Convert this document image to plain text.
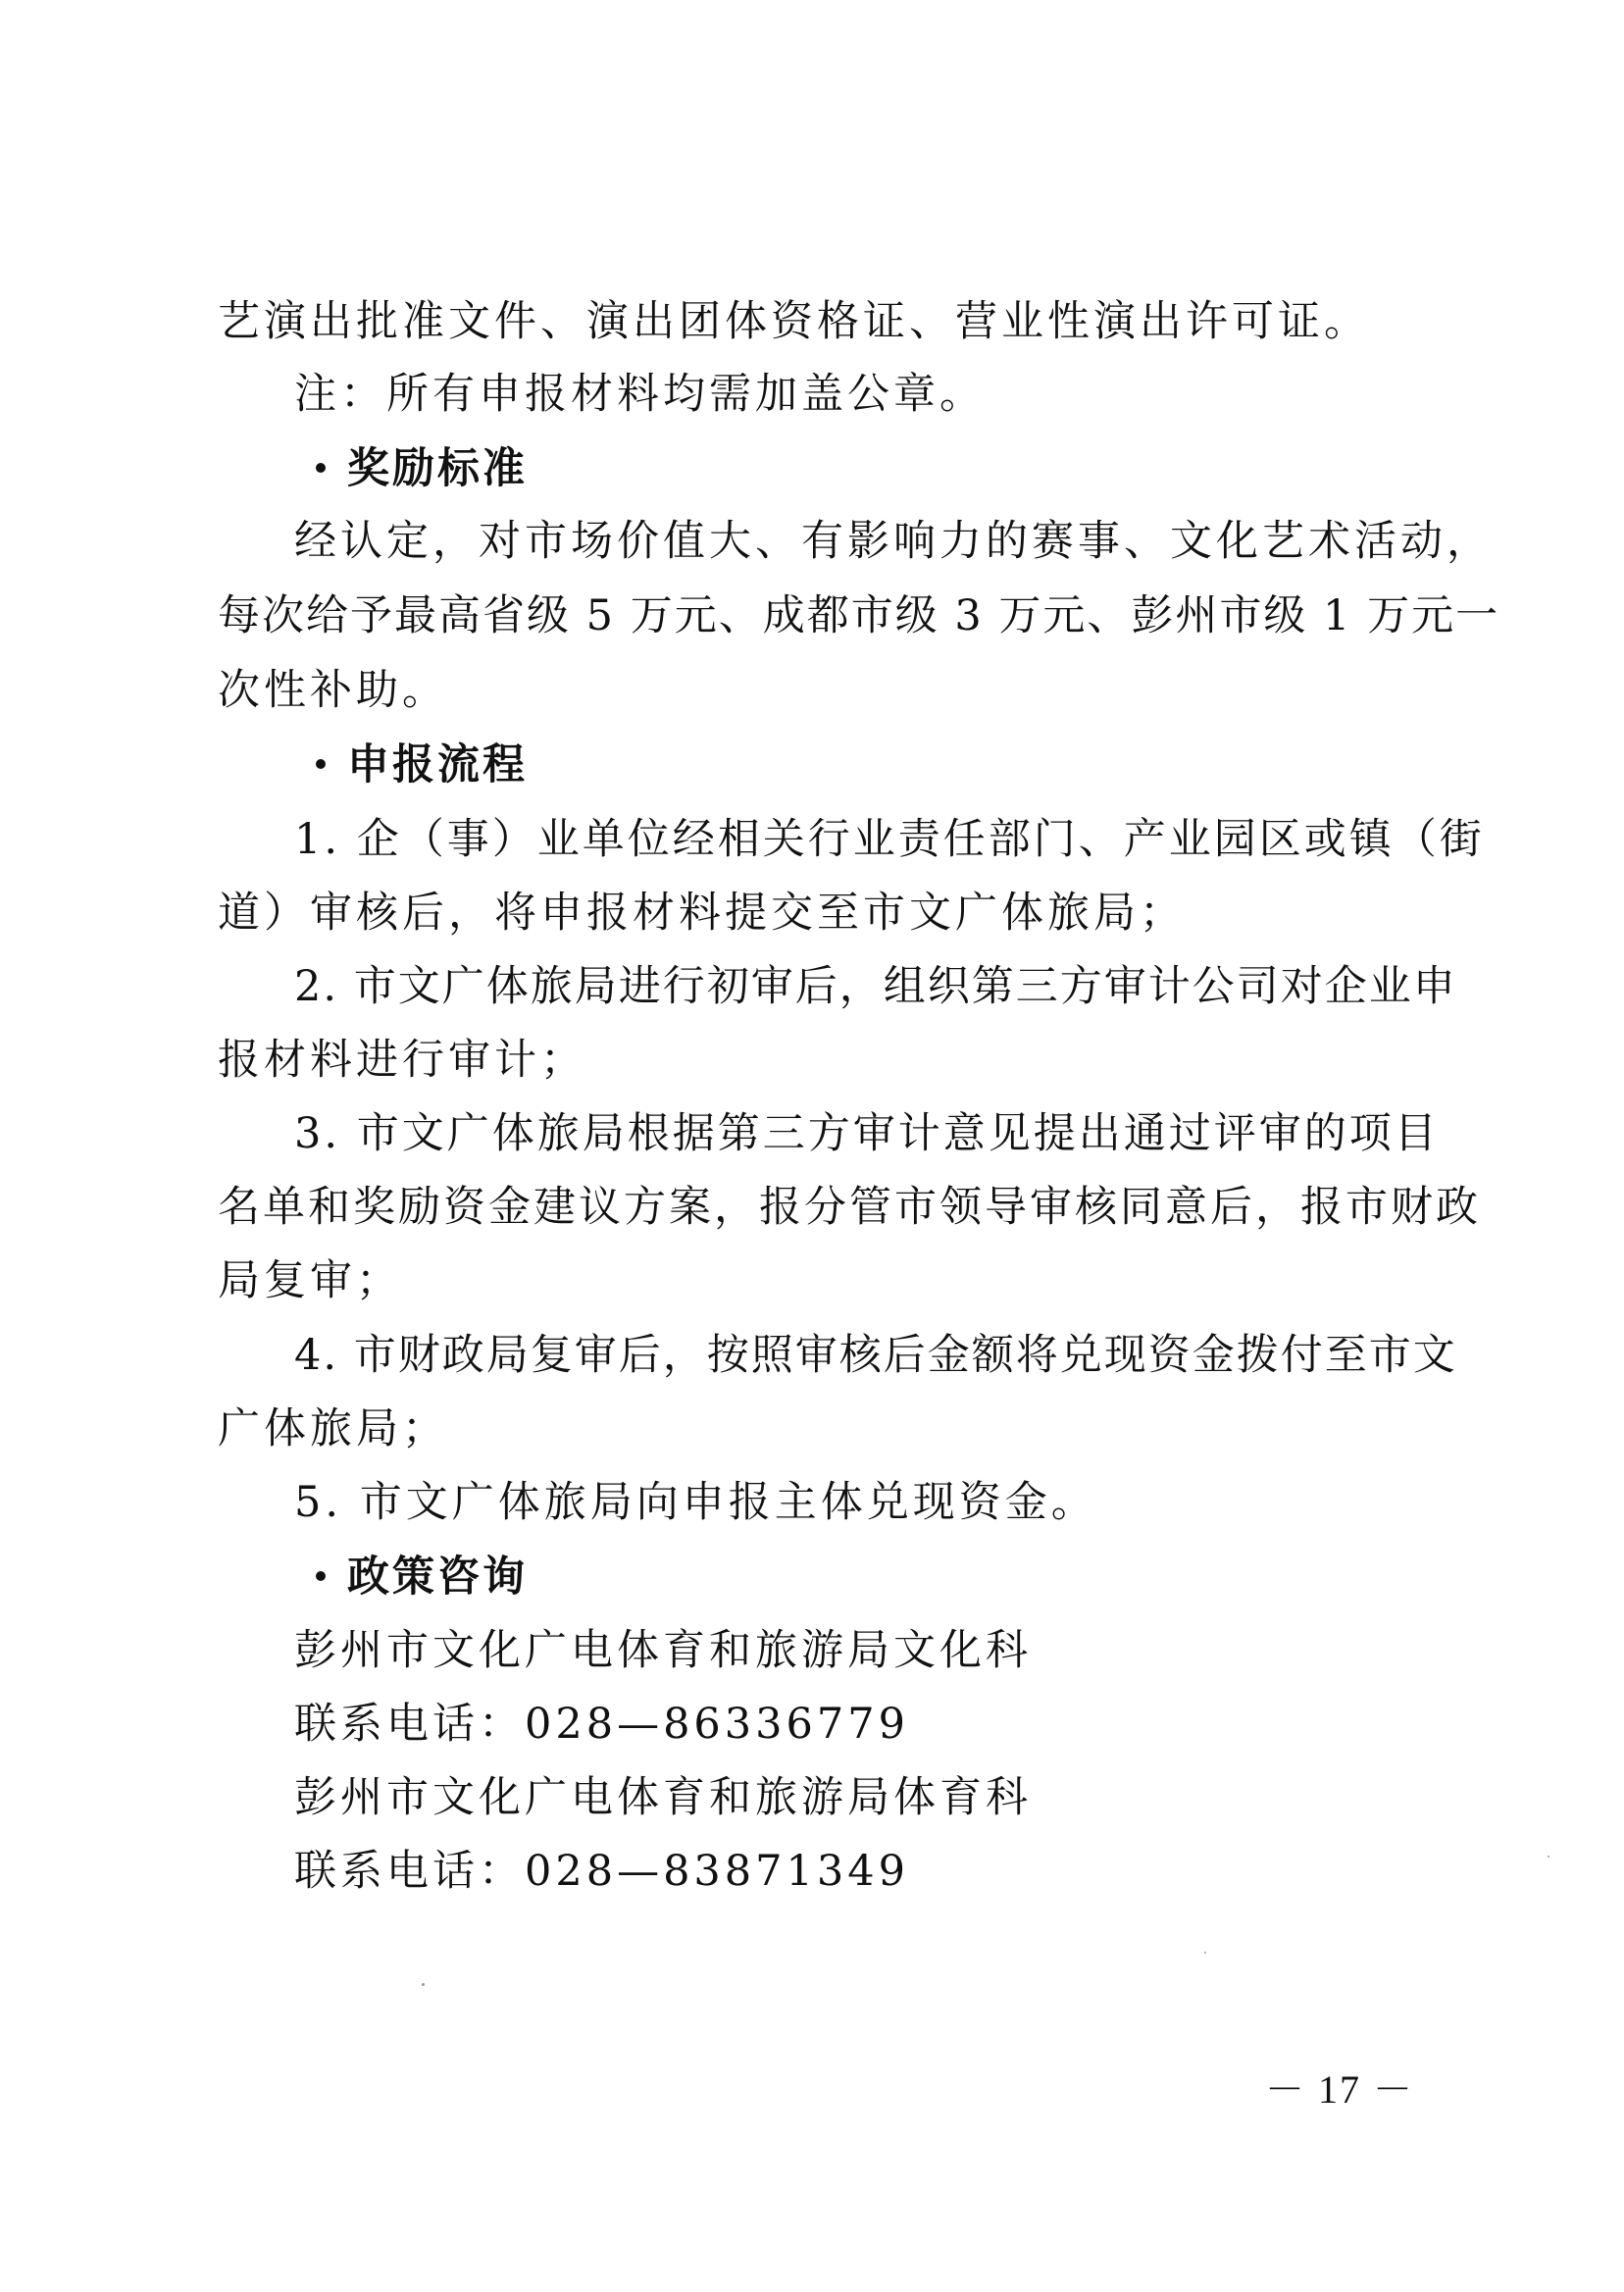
艺演出批准文件、演出团体资格证、营业性演出许可证。
注：所有申报材料均需加盖公章。
奖励标准
经认定，对市场价值大、有影响力的赛事、文化艺术活动，
每次给予最高省级 5 万元、成都市级 3 万元、彭州市级 1 万元一
次性补助。
申报流程
1. 企（事）业单位经相关行业责任部门、产业园区或镇（街
道）审核后，将申报材料提交至市文广体旅局；
2. 市文广体旅局进行初审后，组织第三方审计公司对企业申
报材料进行审计；
3. 市文广体旅局根据第三方审计意见提出通过评审的项目
名单和奖励资金建议方案，报分管市领导审核同意后，报市财政
局复审；
4. 市财政局复审后，按照审核后金额将兑现资金拨付至市文
广体旅局；
5. 市文广体旅局向申报主体兑现资金。
政策咨询
彭州市文化广电体育和旅游局文化科
联系电话：028—86336779
彭州市文化广电体育和旅游局体育科
联系电话：028—83871349
－ 17 －
